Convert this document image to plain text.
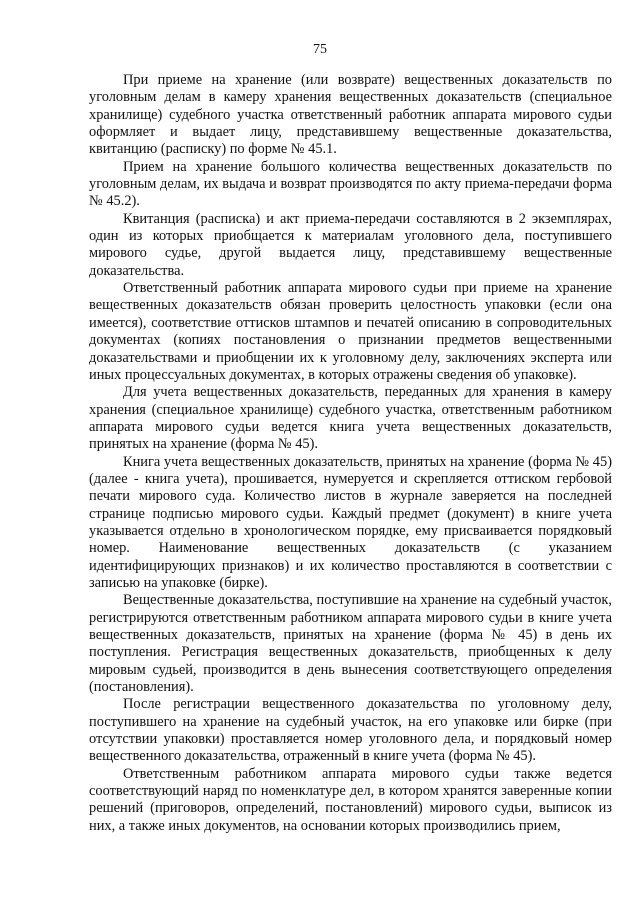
75

При приеме на хранение (или возврате) вещественных доказательств по уголовным делам в камеру хранения вещественных доказательств (специальное хранилище) судебного участка ответственный работник аппарата мирового судьи оформляет и выдает лицу, представившему вещественные доказательства, квитанцию (расписку) по форме № 45.1.

Прием на хранение большого количества вещественных доказательств по уголовным делам, их выдача и возврат производятся по акту приема-передачи форма № 45.2).

Квитанция (расписка) и акт приема-передачи составляются в 2 экземплярах, один из которых приобщается к материалам уголовного дела, поступившего мирового судье, другой выдается лицу, представившему вещественные доказательства.

Ответственный работник аппарата мирового судьи при приеме на хранение вещественных доказательств обязан проверить целостность упаковки (если она имеется), соответствие оттисков штампов и печатей описанию в сопроводительных документах (копиях постановления о признании предметов вещественными доказательствами и приобщении их к уголовному делу, заключениях эксперта или иных процессуальных документах, в которых отражены сведения об упаковке).

Для учета вещественных доказательств, переданных для хранения в камеру хранения (специальное хранилище) судебного участка, ответственным работником аппарата мирового судьи ведется книга учета вещественных доказательств, принятых на хранение (форма № 45).

Книга учета вещественных доказательств, принятых на хранение (форма № 45) (далее - книга учета), прошивается, нумеруется и скрепляется оттиском гербовой печати мирового суда. Количество листов в журнале заверяется на последней странице подписью мирового судьи. Каждый предмет (документ) в книге учета указывается отдельно в хронологическом порядке, ему присваивается порядковый номер. Наименование вещественных доказательств (с указанием идентифицирующих признаков) и их количество проставляются в соответствии с записью на упаковке (бирке).

Вещественные доказательства, поступившие на хранение на судебный участок, регистрируются ответственным работником аппарата мирового судьи в книге учета вещественных доказательств, принятых на хранение (форма № 45) в день их поступления. Регистрация вещественных доказательств, приобщенных к делу мировым судьей, производится в день вынесения соответствующего определения (постановления).

После регистрации вещественного доказательства по уголовному делу, поступившего на хранение на судебный участок, на его упаковке или бирке (при отсутствии упаковки) проставляется номер уголовного дела, и порядковый номер вещественного доказательства, отраженный в книге учета (форма № 45).

Ответственным работником аппарата мирового судьи также ведется соответствующий наряд по номенклатуре дел, в котором хранятся заверенные копии решений (приговоров, определений, постановлений) мирового судьи, выписок из них, а также иных документов, на основании которых производились прием,
